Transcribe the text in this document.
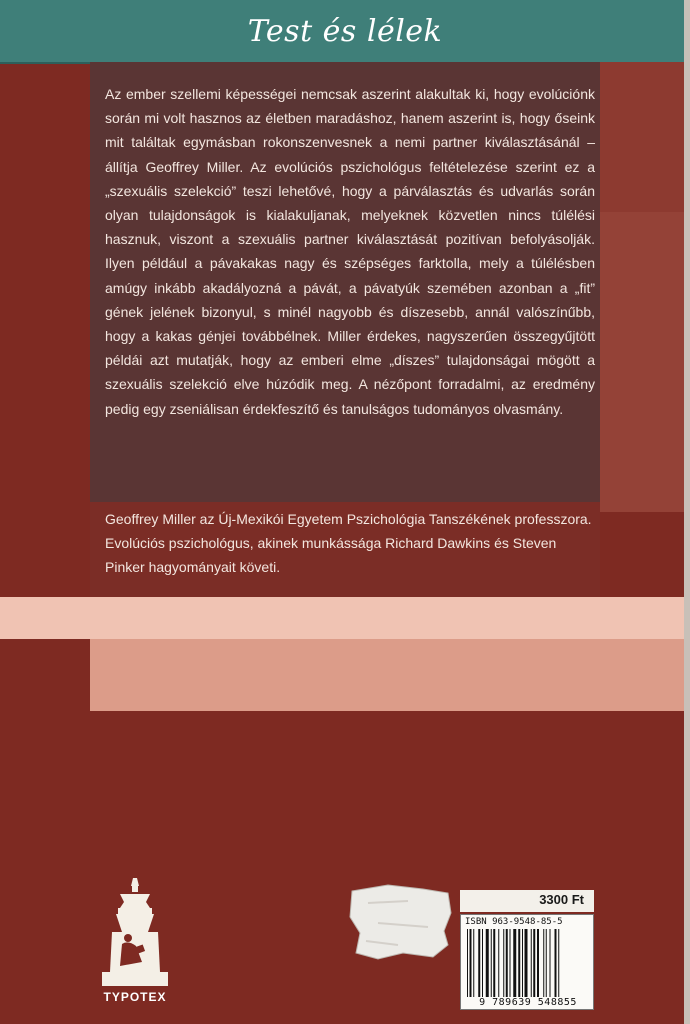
Test és lélek
Az ember szellemi képességei nemcsak aszerint alakultak ki, hogy evolúciónk során mi volt hasznos az életben maradáshoz, hanem aszerint is, hogy őseink mit találtak egymásban rokonszenvesnek a nemi partner kiválasztásánál – állítja Geoffrey Miller. Az evolúciós pszichológus feltételezése szerint ez a „szexuális szelekció” teszi lehetővé, hogy a párválasztás és udvarlás során olyan tulajdonságok is kialakuljanak, melyeknek közvetlen nincs túlélési hasznuk, viszont a szexuális partner kiválasztását pozitívan befolyásolják. Ilyen például a pávakakas nagy és szépséges farktolla, mely a túlélésben amúgy inkább akadályozná a pávát, a pávatyúk szemében azonban a „fit” gének jelének bizonyul, s minél nagyobb és díszesebb, annál valószínűbb, hogy a kakas génjei továbbélnek. Miller érdekes, nagyszerűen összegyűjtött példái azt mutatják, hogy az emberi elme „díszes” tulajdonságai mögött a szexuális szelekció elve húzódik meg. A nézőpont forradalmi, az eredmény pedig egy zseniálisan érdekfeszítő és tanulságos tudományos olvasmány.
Geoffrey Miller az Új-Mexikói Egyetem Pszichológia Tanszékének professzora. Evolúciós pszichológus, akinek munkássága Richard Dawkins és Steven Pinker hagyományait követi.
TYPOTEX
3300 Ft
ISBN 963-9548-85-5
9 789639 548855
